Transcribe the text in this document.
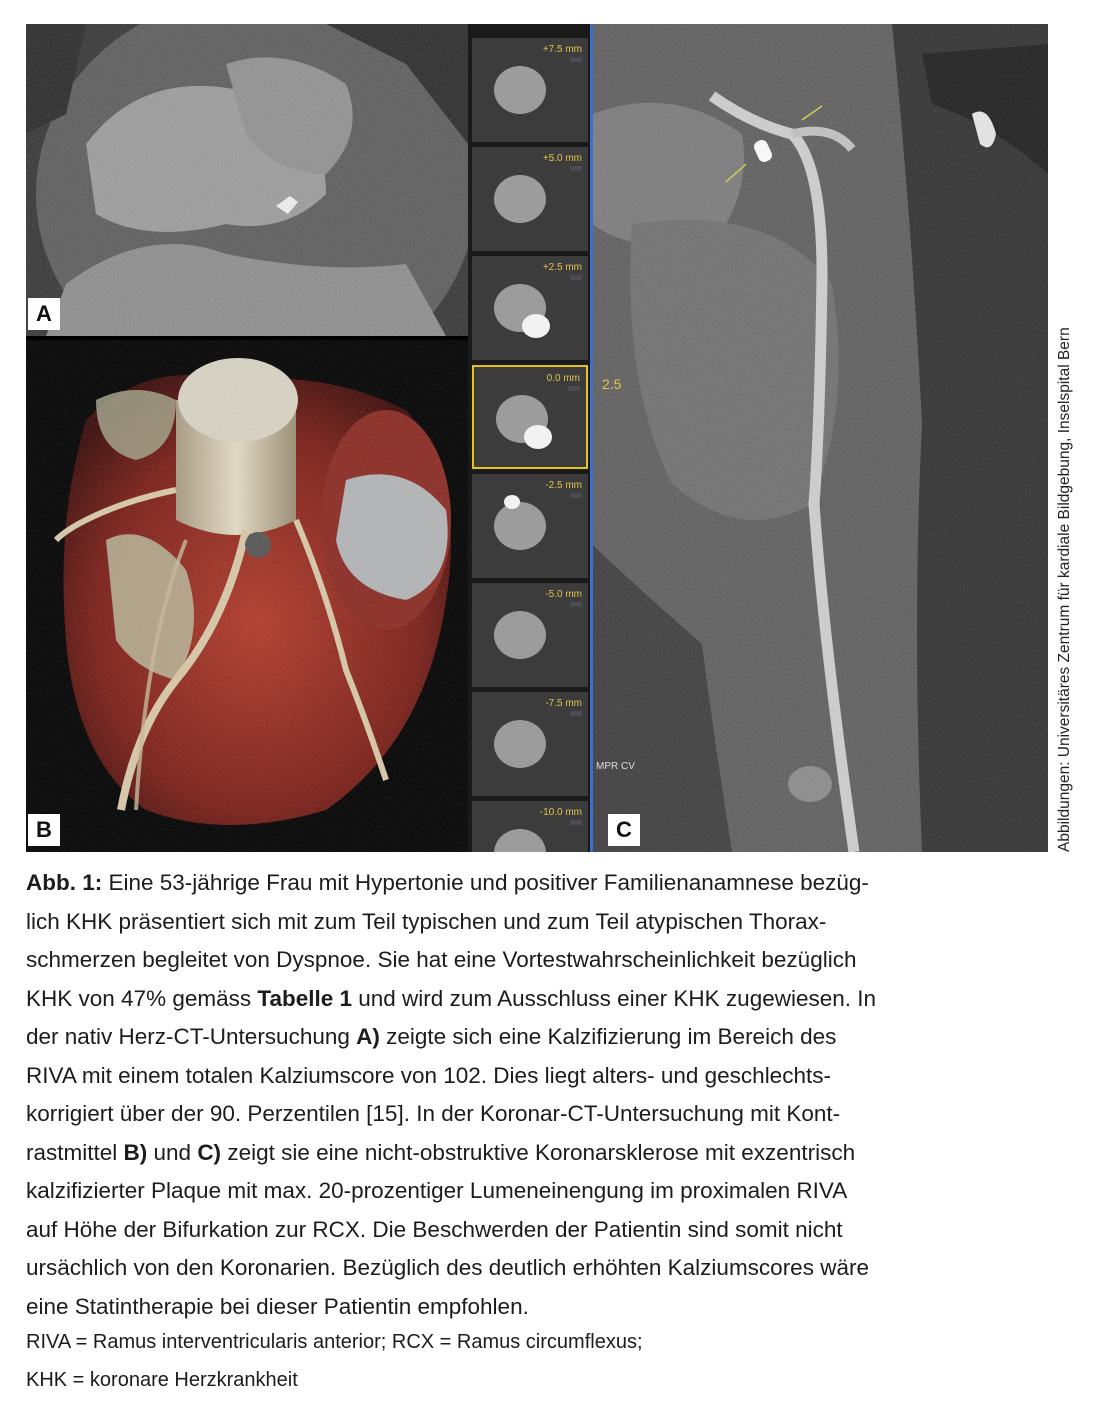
A
B
+7.5 mm
+5.0 mm
+2.5 mm
0.0 mm
-2.5 mm
-5.0 mm
-7.5 mm
-10.0 mm
2.5
MPR CV
C	Abbildungen: Universitäres Zentrum für kardiale Bildgebung, Inselspital Bern
Abb. 1: Eine 53-jährige Frau mit Hypertonie und positiver Familienanamnese bezüg-
lich KHK präsentiert sich mit zum Teil typischen und zum Teil atypischen Thorax-
schmerzen begleitet von Dyspnoe. Sie hat eine Vortestwahrscheinlichkeit bezüglich
KHK von 47% gemäss Tabelle 1 und wird zum Ausschluss einer KHK zugewiesen. In
der nativ Herz-CT-Untersuchung A) zeigte sich eine Kalzifizierung im Bereich des
RIVA mit einem totalen Kalziumscore von 102. Dies liegt alters- und geschlechts-
korrigiert über der 90. Perzentilen [15]. In der Koronar-CT-Untersuchung mit Kont-
rastmittel B) und C) zeigt sie eine nicht-obstruktive Koronarsklerose mit exzentrisch
kalzifizierter Plaque mit max. 20-prozentiger Lumeneinengung im proximalen RIVA
auf Höhe der Bifurkation zur RCX. Die Beschwerden der Patientin sind somit nicht
ursächlich von den Koronarien. Bezüglich des deutlich erhöhten Kalziumscores wäre
eine Statintherapie bei dieser Patientin empfohlen.
RIVA = Ramus interventricularis anterior; RCX = Ramus circumflexus;
KHK = koronare Herzkrankheit
